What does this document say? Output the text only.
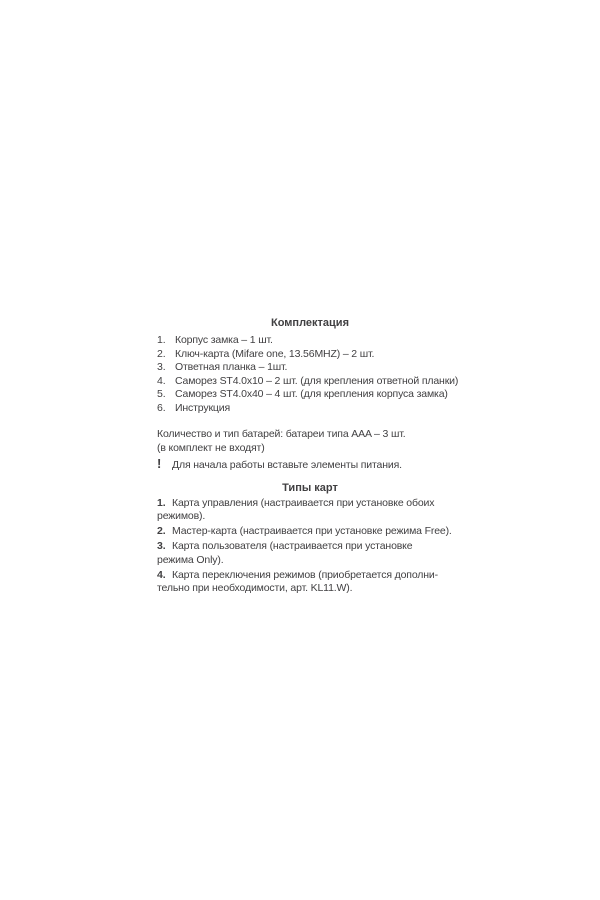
Комплектация
1. Корпус замка – 1 шт.
2. Ключ-карта (Mifare one, 13.56MHZ) – 2 шт.
3. Ответная планка – 1шт.
4. Саморез ST4.0x10 – 2 шт. (для крепления ответной планки)
5. Саморез ST4.0x40 – 4 шт. (для крепления корпуса замка)
6. Инструкция
Количество и тип батарей: батареи типа AAA – 3 шт.
(в комплект не входят)
! Для начала работы вставьте элементы питания.
Типы карт
1. Карта управления (настраивается при установке обоих
режимов).
2. Мастер-карта (настраивается при установке режима Free).
3. Карта пользователя (настраивается при установке
режима Only).
4. Карта переключения режимов (приобретается дополни-
тельно при необходимости, арт. KL11.W).
